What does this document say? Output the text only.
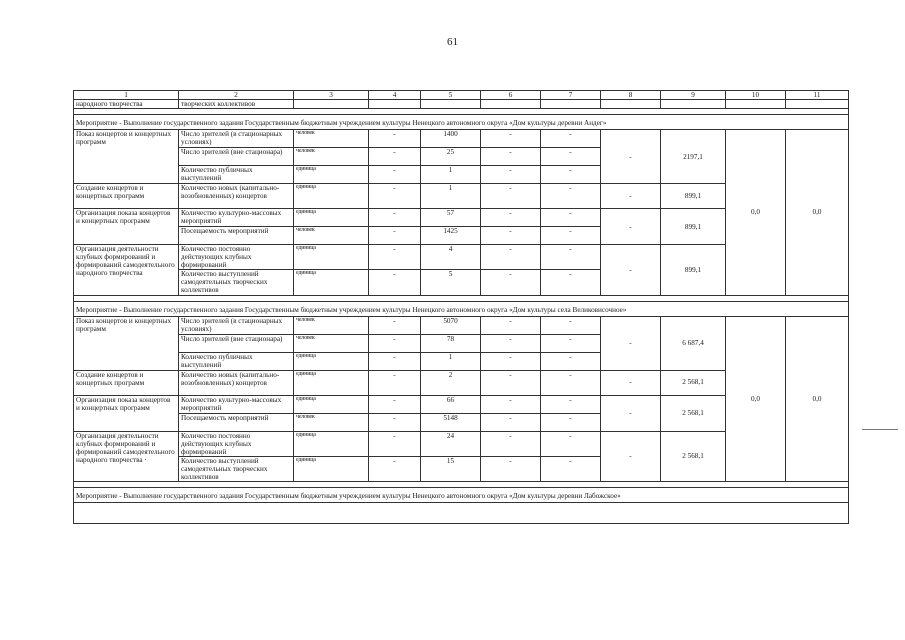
61
1	2	3	4	5	6	7	8	9	10	11
народного творчества	творческих коллективов									

Мероприятие - Выполнение государственного задания Государственным бюджетным учреждением культуры Ненецкого автономного округа «Дом культуры деревни Андег»										
Показ концертов и концертных программ	Число зрителей (в стационарных условиях)	человек	-	1400	-	-	-	2197,1	0,0	0,0
	Число зрителей (вне стационара)	человек	-	25	-	-				
	Количество публичных выступлений	единица	-	1	-	-				
Создание концертов и концертных программ	Количество новых (капитально-возобновленных) концертов	единица	-	1	-	-	-	899,1		
Организация показа концертов и концертных программ	Количество культурно-массовых мероприятий	единица	-	57	-	-	-	899,1		
	Посещаемость мероприятий	человек	-	1425	-	-				
Организация деятельности клубных формирований и формирований самодеятельного народного творчества	Количество постоянно действующих клубных формирований	единица	-	4	-	-	-	899,1		
	Количество выступлений самодеятельных творческих коллективов	единица	-	5	-	-				

Мероприятие - Выполнение государственного задания Государственным бюджетным учреждением культуры Ненецкого автономного округа «Дом культуры села Великовисочное»										
Показ концертов и концертных программ	Число зрителей (в стационарных условиях)	человек	-	5070	-	-	-	6 687,4	0,0	0,0
	Число зрителей (вне стационара)	человек	-	78	-	-				
	Количество публичных выступлений	единица	-	1	-	-				
Создание концертов и концертных программ	Количество новых (капитально-возобновленных) концертов	единица	-	2	-	-	-	2 568,1		
Организация показа концертов и концертных программ	Количество культурно-массовых мероприятий	единица	-	66	-	-	-	2 568,1		
	Посещаемость мероприятий	человек	-	5148	-	-				
Организация деятельности клубных формирований и формирований самодеятельного народного творчества ·	Количество постоянно действующих клубных формирований	единица	-	24	-	-	-	2 568,1		
	Количество выступлений самодеятельных творческих коллективов	единица	-	15	-	-				

Мероприятие - Выполнение государственного задания Государственным бюджетным учреждением культуры Ненецкого автономного округа «Дом культуры деревни Лабожское»										
